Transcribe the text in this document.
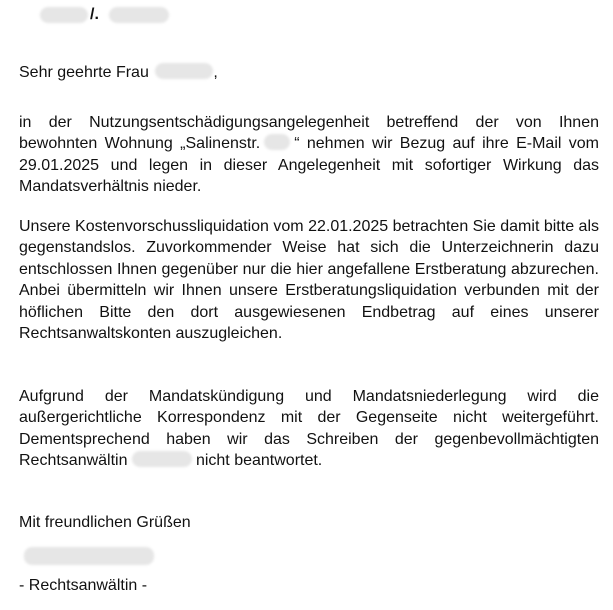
/.
Sehr geehrte Frau	,
in der Nutzungsentschädigungsangelegenheit betreffend der von Ihnen bewohnten Wohnung „Salinenstr. “ nehmen wir Bezug auf ihre E-Mail vom 29.01.2025 und legen in dieser Angelegenheit mit sofortiger Wirkung das Mandatsverhältnis nieder.
Unsere Kostenvorschussliquidation vom 22.01.2025 betrachten Sie damit bitte als gegenstandslos. Zuvorkommender Weise hat sich die Unterzeichnerin dazu entschlossen Ihnen gegenüber nur die hier angefallene Erstberatung abzurechen. Anbei übermitteln wir Ihnen unsere Erstberatungsliquidation verbunden mit der höflichen Bitte den dort ausgewiesenen Endbetrag auf eines unserer Rechtsanwaltskonten auszugleichen.
Aufgrund der Mandatskündigung und Mandatsniederlegung wird die außergerichtliche Korrespondenz mit der Gegenseite nicht weitergeführt. Dementsprechend haben wir das Schreiben der gegenbevollmächtigten Rechtsanwältin	nicht beantwortet.
Mit freundlichen Grüßen
- Rechtsanwältin -
